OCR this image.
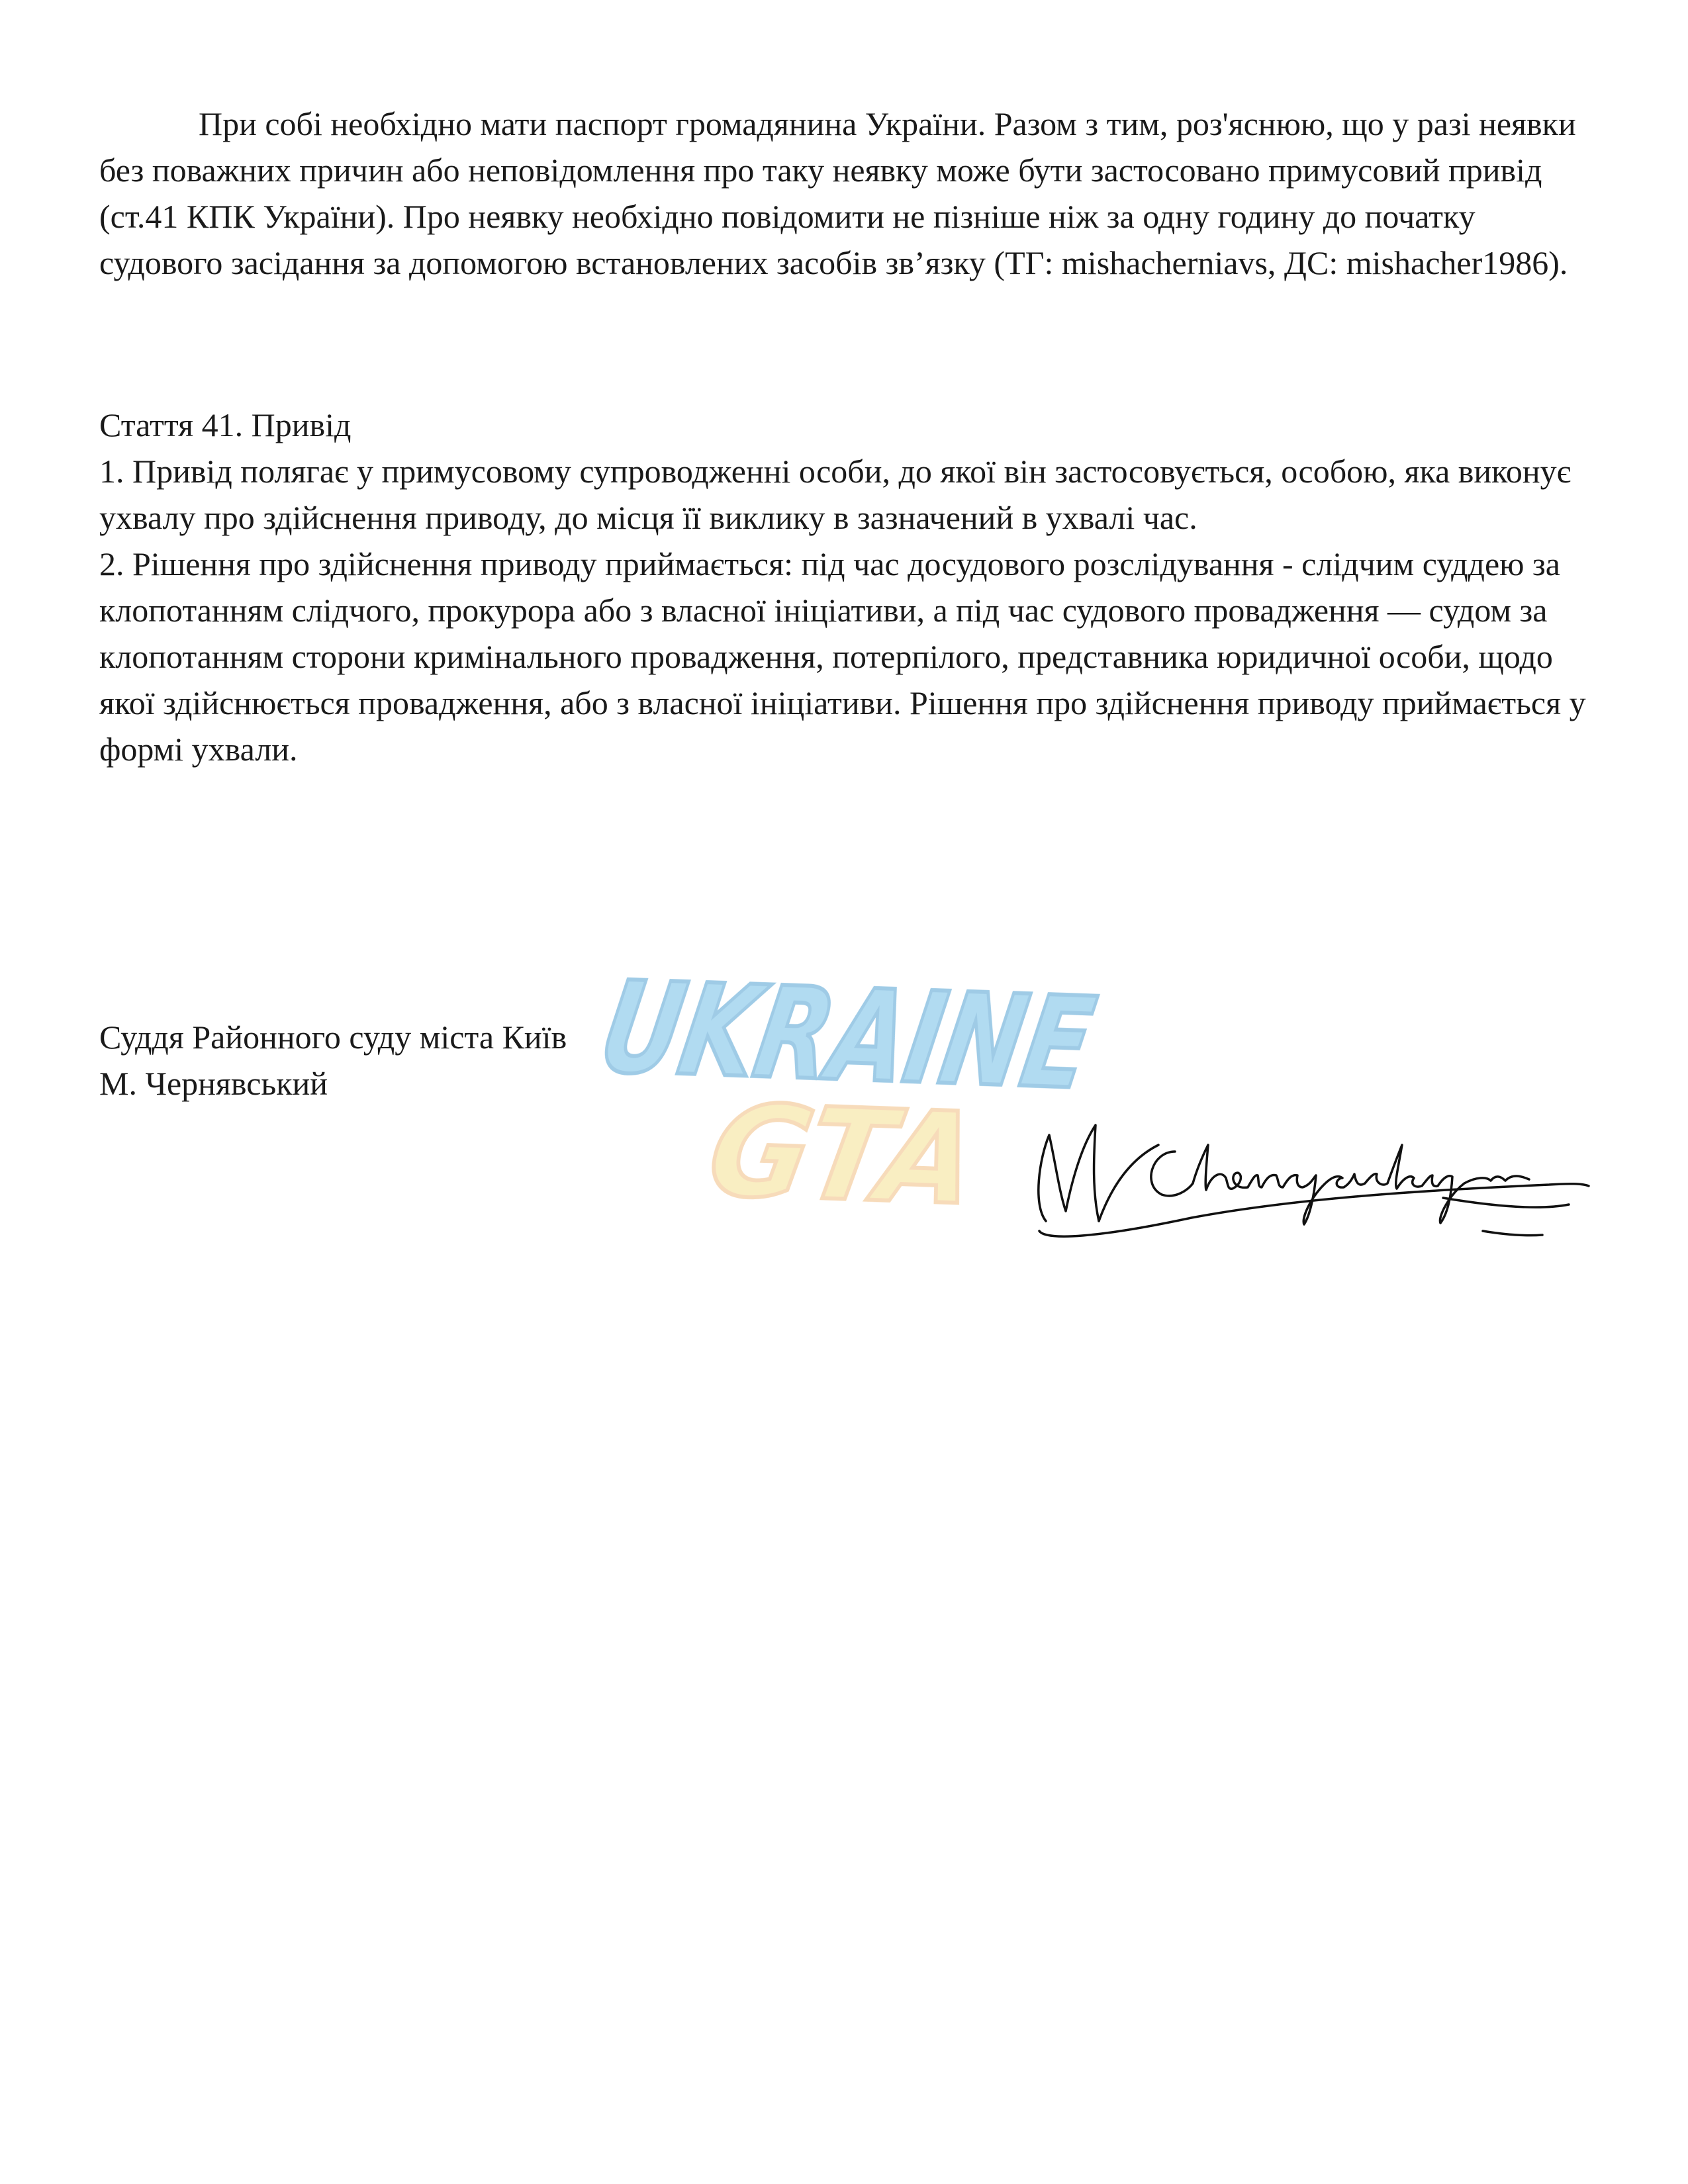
При собі необхідно мати паспорт громадянина України. Разом з тим, роз'яснюю, що у разі неявки без поважних причин або неповідомлення про таку неявку може бути застосовано примусовий привід (ст.41 КПК України). Про неявку необхідно повідомити не пізніше ніж за одну годину до початку судового засідання за допомогою встановлених засобів зв’язку (ТГ: mishacherniavs, ДС: mishacher1986).

Стаття 41. Привід

1. Привід полягає у примусовому супроводженні особи, до якої він застосовується, особою, яка виконує ухвалу про здійснення приводу, до місця її виклику в зазначений в ухвалі час.

2. Рішення про здійснення приводу приймається: під час досудового розслідування - слідчим суддею за клопотанням слідчого, прокурора або з власної ініціативи, а під час судового провадження — судом за клопотанням сторони кримінального провадження, потерпілого, представника юридичної особи, щодо якої здійснюється провадження, або з власної ініціативи. Рішення про здійснення приводу приймається у формі ухвали.

UKRAINE
GTA
Суддя Районного суду міста Київ
М. Чернявський
